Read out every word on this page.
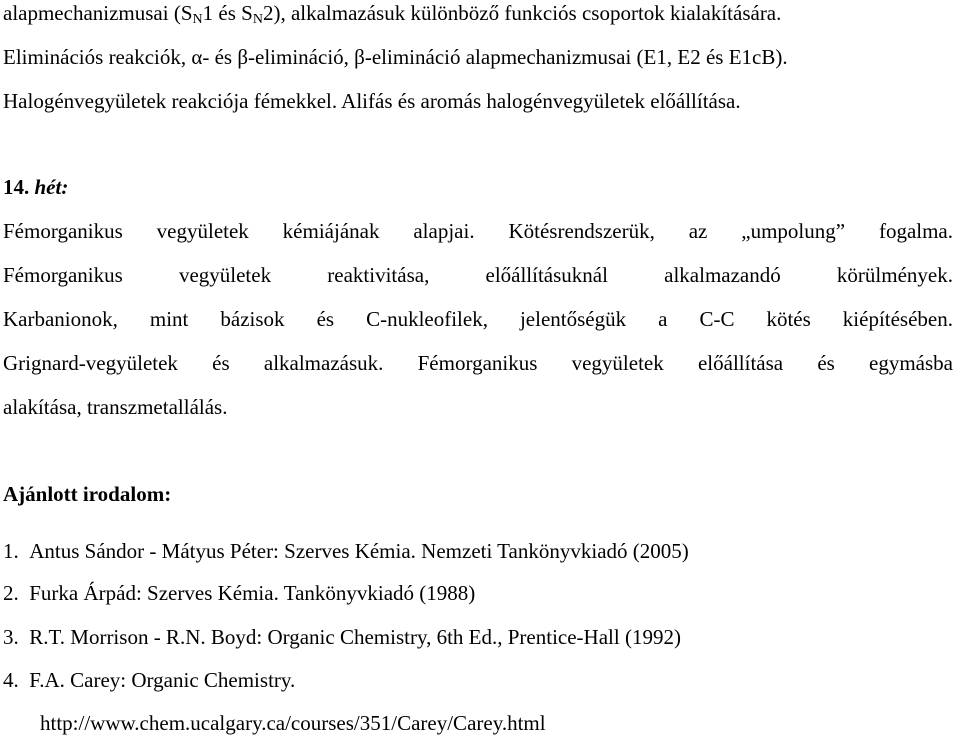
alapmechanizmusai ($S_N1$ és $S_N2$), alkalmazásuk különböző funkciós csoportok kialakítására.
Eliminációs reakciók, α- és β-elimináció, β-elimináció alapmechanizmusai (E1, E2 és E1cB).
Halogénvegyületek reakciója fémekkel. Alifás és aromás halogénvegyületek előállítása.
14. hét:
Fémorganikus vegyületek kémiájának alapjai. Kötésrendszerük, az „umpolung” fogalma.
Fémorganikus vegyületek reaktivitása, előállításuknál alkalmazandó körülmények.
Karbanionok, mint bázisok és C-nukleofilek, jelentőségük a C-C kötés kiépítésében.
Grignard-vegyületek és alkalmazásuk. Fémorganikus vegyületek előállítása és egymásba
alakítása, transzmetallálás.
Ajánlott irodalom:
1. Antus Sándor - Mátyus Péter: Szerves Kémia. Nemzeti Tankönyvkiadó (2005)
2. Furka Árpád: Szerves Kémia. Tankönyvkiadó (1988)
3. R.T. Morrison - R.N. Boyd: Organic Chemistry, 6th Ed., Prentice-Hall (1992)
4. F.A. Carey: Organic Chemistry.
http://www.chem.ucalgary.ca/courses/351/Carey/Carey.html
